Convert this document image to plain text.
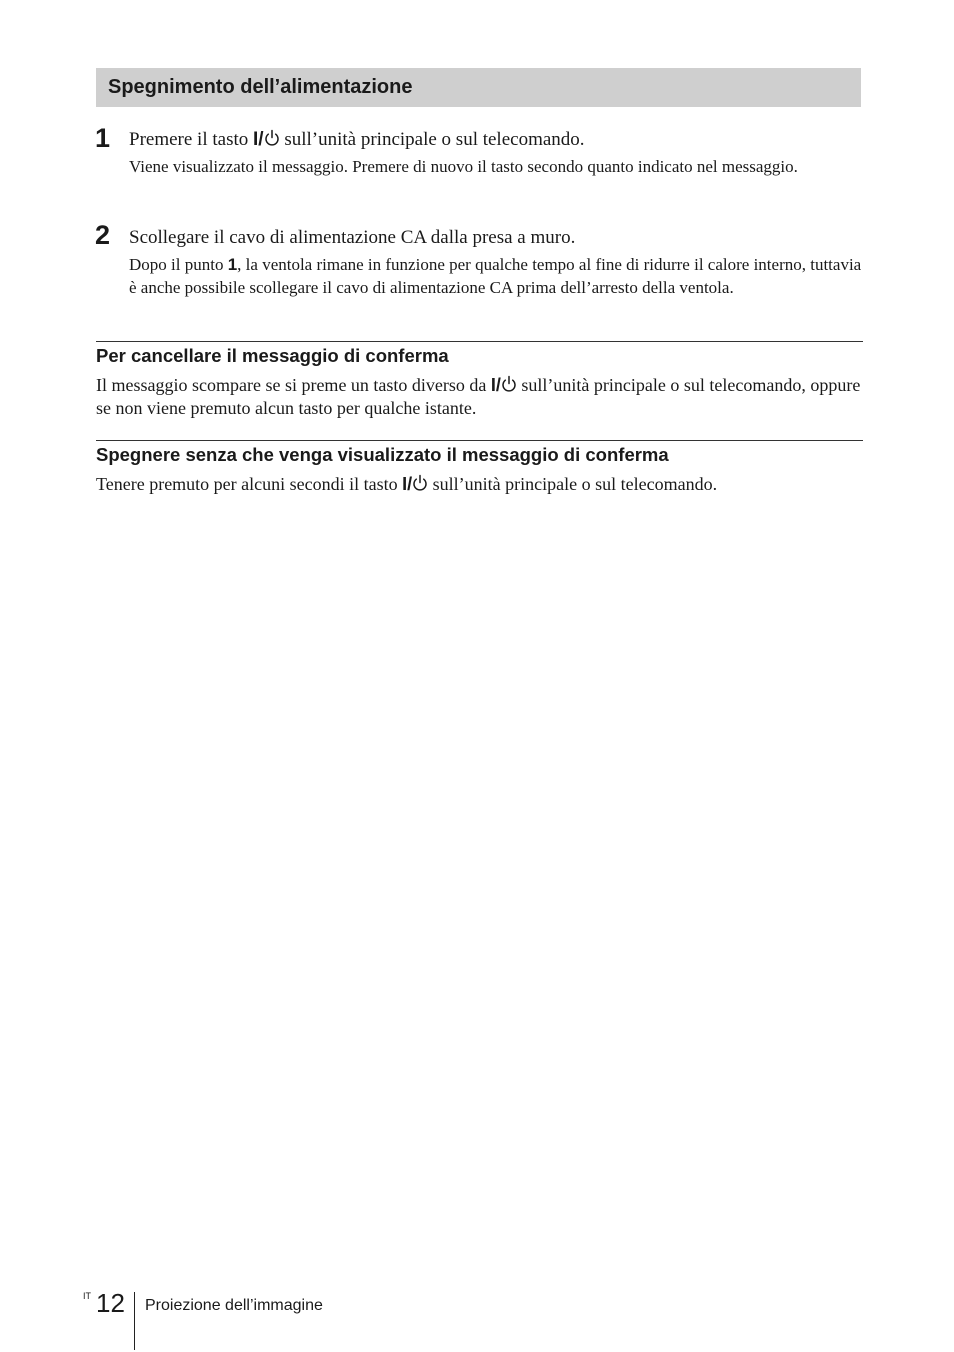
Spegnimento dell’alimentazione
1 Premere il tasto I/ sull’unità principale o sul telecomando.
Viene visualizzato il messaggio. Premere di nuovo il tasto secondo quanto indicato nel messaggio.
2 Scollegare il cavo di alimentazione CA dalla presa a muro.
Dopo il punto 1, la ventola rimane in funzione per qualche tempo al fine di ridurre il calore interno, tuttavia è anche possibile scollegare il cavo di alimentazione CA prima dell’arresto della ventola.
Per cancellare il messaggio di conferma
Il messaggio scompare se si preme un tasto diverso da I/ sull’unità principale o sul telecomando, oppure se non viene premuto alcun tasto per qualche istante.
Spegnere senza che venga visualizzato il messaggio di conferma
Tenere premuto per alcuni secondi il tasto I/ sull’unità principale o sul telecomando.
IT 12 Proiezione dell’immagine
